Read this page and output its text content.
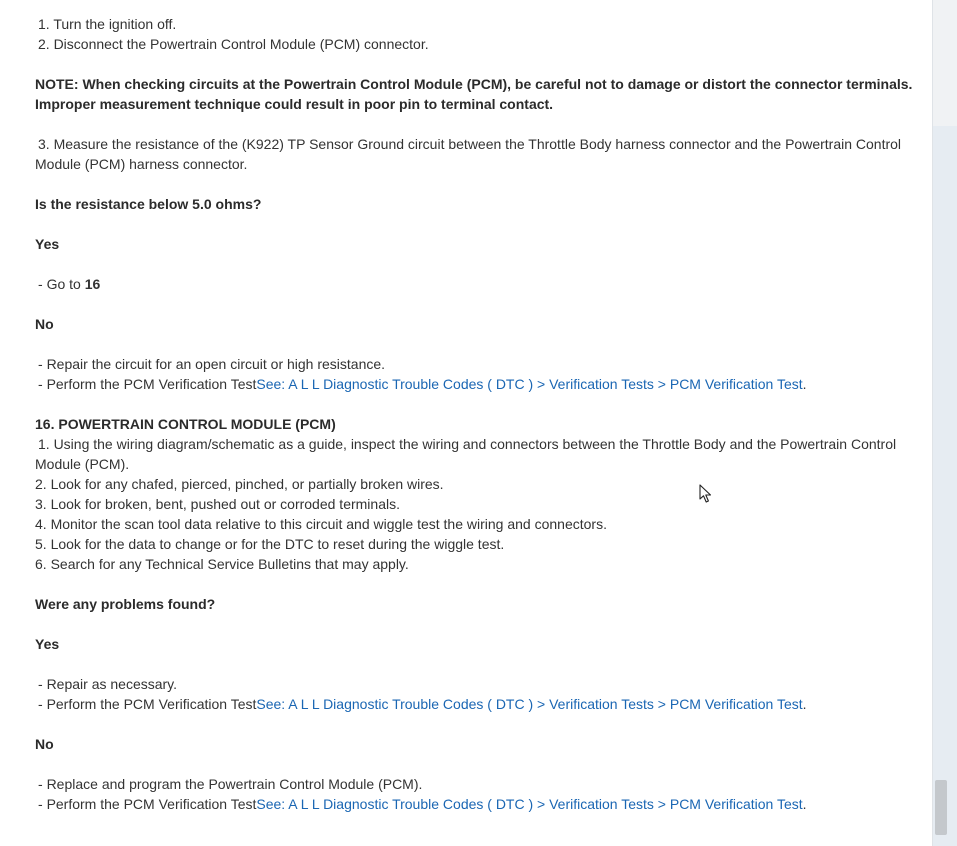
1. Turn the ignition off.

2. Disconnect the Powertrain Control Module (PCM) connector.

NOTE: When checking circuits at the Powertrain Control Module (PCM), be careful not to damage or distort the connector terminals. Improper measurement technique could result in poor pin to terminal contact.

3. Measure the resistance of the (K922) TP Sensor Ground circuit between the Throttle Body harness connector and the Powertrain Control Module (PCM) harness connector.

Is the resistance below 5.0 ohms?

Yes

- Go to 16

No

- Repair the circuit for an open circuit or high resistance.

- Perform the PCM Verification TestSee: A L L Diagnostic Trouble Codes ( DTC ) > Verification Tests > PCM Verification Test.

16. POWERTRAIN CONTROL MODULE (PCM)

1. Using the wiring diagram/schematic as a guide, inspect the wiring and connectors between the Throttle Body and the Powertrain Control Module (PCM).

2. Look for any chafed, pierced, pinched, or partially broken wires.

3. Look for broken, bent, pushed out or corroded terminals.

4. Monitor the scan tool data relative to this circuit and wiggle test the wiring and connectors.

5. Look for the data to change or for the DTC to reset during the wiggle test.

6. Search for any Technical Service Bulletins that may apply.

Were any problems found?

Yes

- Repair as necessary.

- Perform the PCM Verification TestSee: A L L Diagnostic Trouble Codes ( DTC ) > Verification Tests > PCM Verification Test.

No

- Replace and program the Powertrain Control Module (PCM).

- Perform the PCM Verification TestSee: A L L Diagnostic Trouble Codes ( DTC ) > Verification Tests > PCM Verification Test.
